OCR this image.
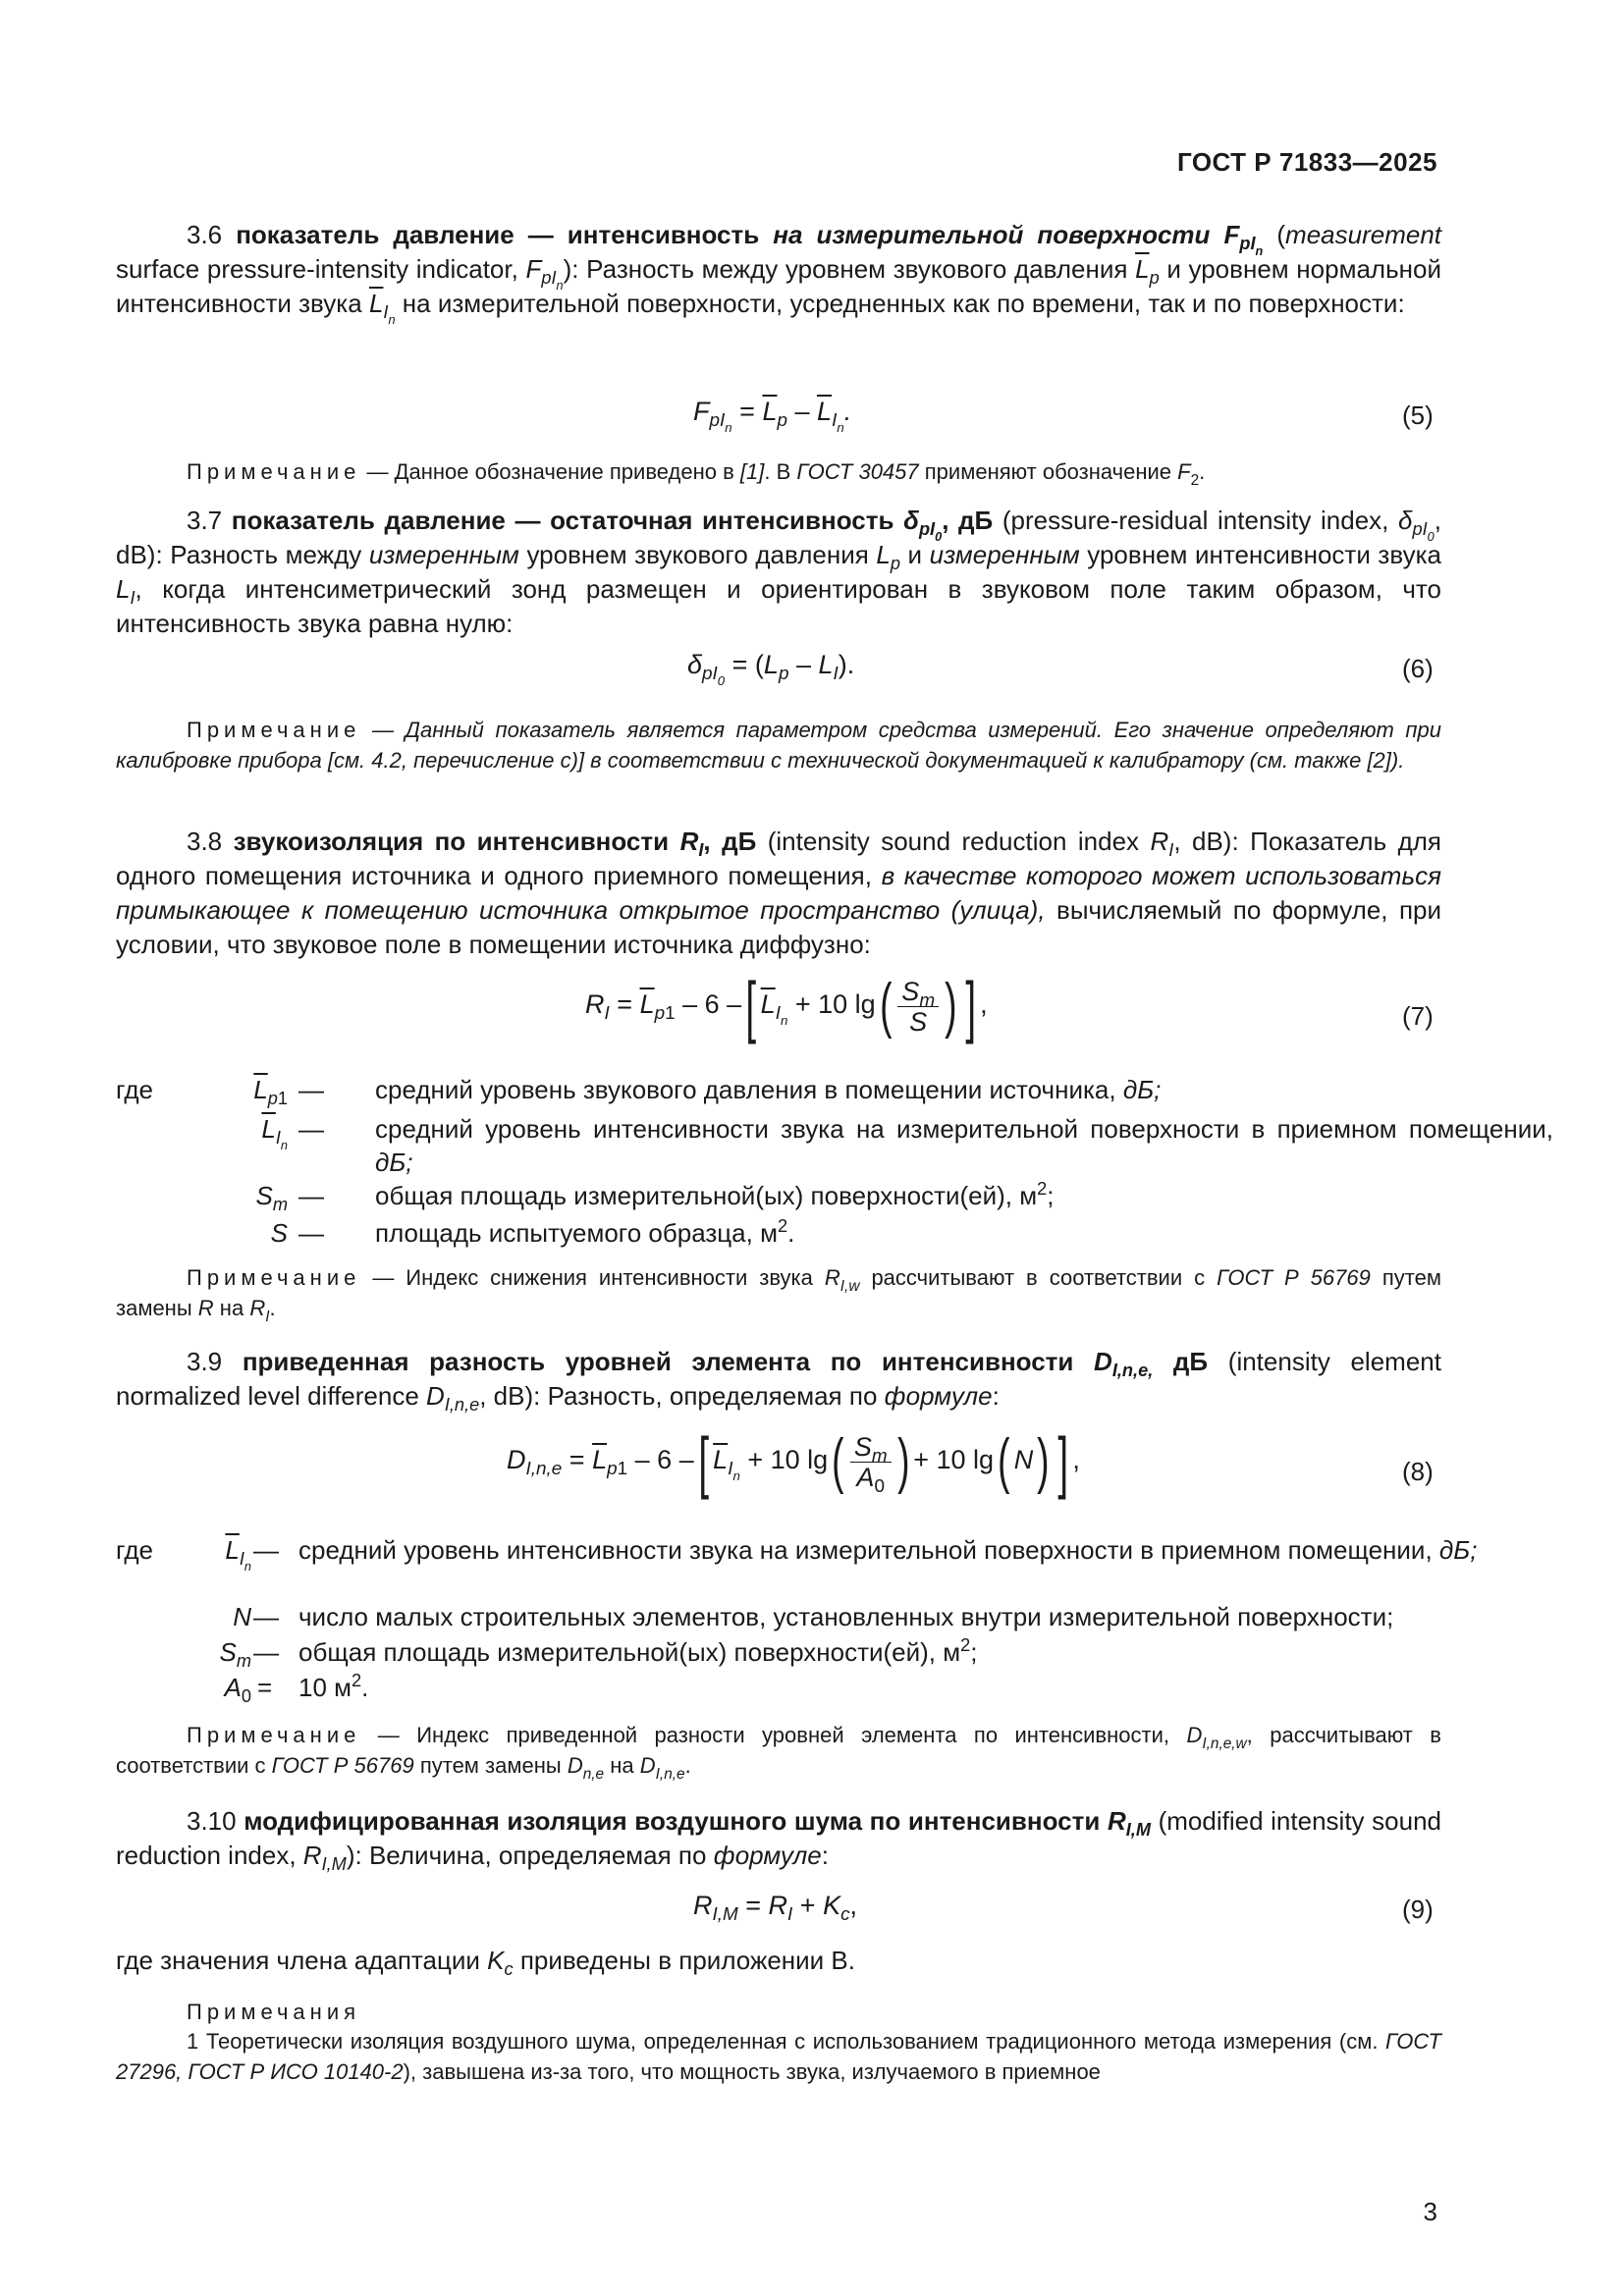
ГОСТ Р 71833—2025
3.6 показатель давление — интенсивность на измерительной поверхности $F_{pI_n}$ (measurement surface pressure-intensity indicator, $F_{pI_n}$): Разность между уровнем звукового давления $\overline{L}_p$ и уровнем нормальной интенсивности звука $\overline{L}_{I_n}$ на измерительной поверхности, усредненных как по времени, так и по поверхности:
$F_{pI_n} = \overline{L}_p - \overline{L}_{I_n}$.	(5)
Примечание — Данное обозначение приведено в [1]. В ГОСТ 30457 применяют обозначение $F_2$.
3.7 показатель давление — остаточная интенсивность $\delta_{pI_0}$, дБ (pressure-residual intensity index, $\delta_{pI_0}$, dB): Разность между измеренным уровнем звукового давления $L_p$ и измеренным уровнем интенсивности звука $L_I$, когда интенсиметрический зонд размещен и ориентирован в звуковом поле таким образом, что интенсивность звука равна нулю:
$\delta_{pI_0} = (L_p - L_I)$.	(6)
Примечание — Данный показатель является параметром средства измерений. Его значение определяют при калибровке прибора [см. 4.2, перечисление с)] в соответствии с технической документацией к калибратору (см. также [2]).
3.8 звукоизоляция по интенсивности $R_I$, дБ (intensity sound reduction index $R_I$, dB): Показатель для одного помещения источника и одного приемного помещения, в качестве которого может использоваться примыкающее к помещению источника открытое пространство (улица), вычисляемый по формуле, при условии, что звуковое поле в помещении источника диффузно:
$R_I = \overline{L}_{p1} - 6$ –[ $\overline{L}_{I_n} + 10$ $\lg( \frac{S_m}{S}$ ) ] ,	(7)
где	$\overline{L}_{p1}$ — средний уровень звукового давления в помещении источника, дБ;
$\overline{L}_{I_n}$
— средний уровень интенсивности звука на измерительной поверхности в приемном помещении, дБ;
$S_m$ — общая площадь измерительной(ых) поверхности(ей), $м^2$;
S — площадь испытуемого образца, $м^2$.
Примечание — Индекс снижения интенсивности звука $R_{I,w}$ рассчитывают в соответствии с ГОСТ Р 56769 путем замены R на $R_I$.
3.9 приведенная разность уровней элемента по интенсивности $D_{I,n,e,}$ дБ (intensity element normalized level difference $D_{I,n,e}$, dB): Разность, определяемая по формуле:
$D_{I,n,e} = \overline{L}_{p1} - 6$ –[ $\overline{L}_{I_n} + 10$ $\lg( \frac{S_m}{A_0}$ ) + 10 lg( N) ] ,	(8)
где	$\overline{L}_{I_n}$
— средний уровень интенсивности звука на измерительной поверхности в приемном помещении, дБ;
N — число малых строительных элементов, установленных внутри измерительной поверхности;
$S_m$ — общая площадь измерительной(ых) поверхности(ей), $м^2$;
$A_0 = 10$ $м^2$.
Примечание — Индекс приведенной разности уровней элемента по интенсивности, $D_{I,n,e,w}$, рассчитывают в соответствии с ГОСТ Р 56769 путем замены $D_{n,e}$ на $D_{I,n,e}$.
3.10 модифицированная изоляция воздушного шума по интенсивности $R_{I,M}$ (modified intensity sound reduction index, $R_{I,M}$): Величина, определяемая по формуле:
$R_{I,M} = R_I + K_c$,	(9)
где значения члена адаптации $K_c$ приведены в приложении В.
Примечания
1 Теоретически изоляция воздушного шума, определенная с использованием традиционного метода измерения (см. ГОСТ 27296, ГОСТ Р ИСО 10140-2), завышена из-за того, что мощность звука, излучаемого в приемное
3
